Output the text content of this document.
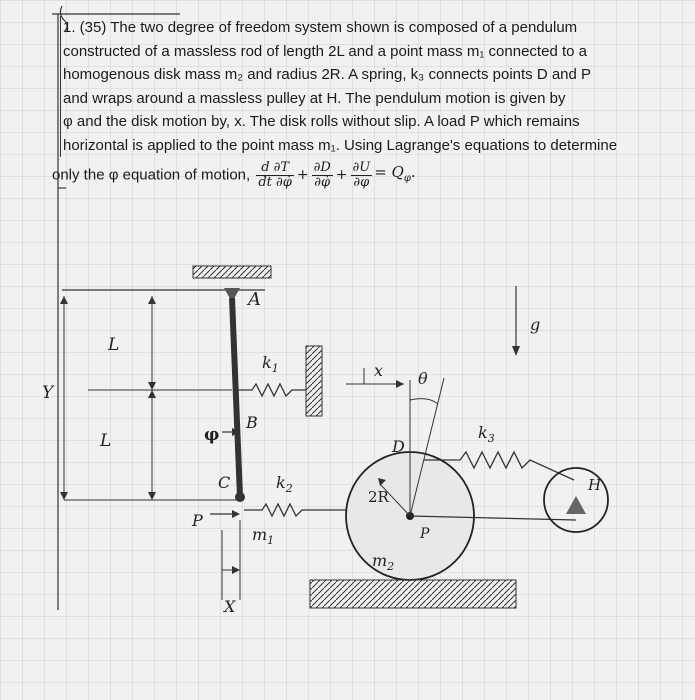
1. (35) The two degree of freedom system shown is composed of a pendulum
constructed of a massless rod of length 2L and a point mass m₁ connected to a
homogenous disk mass m₂ and radius 2R. A spring, k₃ connects points D and P
and wraps around a massless pulley at H. The pendulum motion is given by
φ and the disk motion by, x. The disk rolls without slip. A load P which remains
horizontal is applied to the point mass m₁. Using Lagrange's equations to determine
only the φ equation of motion, $\frac{d \partial T}{dt \partial\varphi̇} + \frac{\partial D}{\partial\varphi̇} + \frac{\partial U}{\partial\varphi} = Q_\varphi$.
A
L
L
Y
φ
B
C
$k_1$
P
$k_2$
$m_1$
X
2R
D
P
$m_2$
x θ
$k_3$
H
g
